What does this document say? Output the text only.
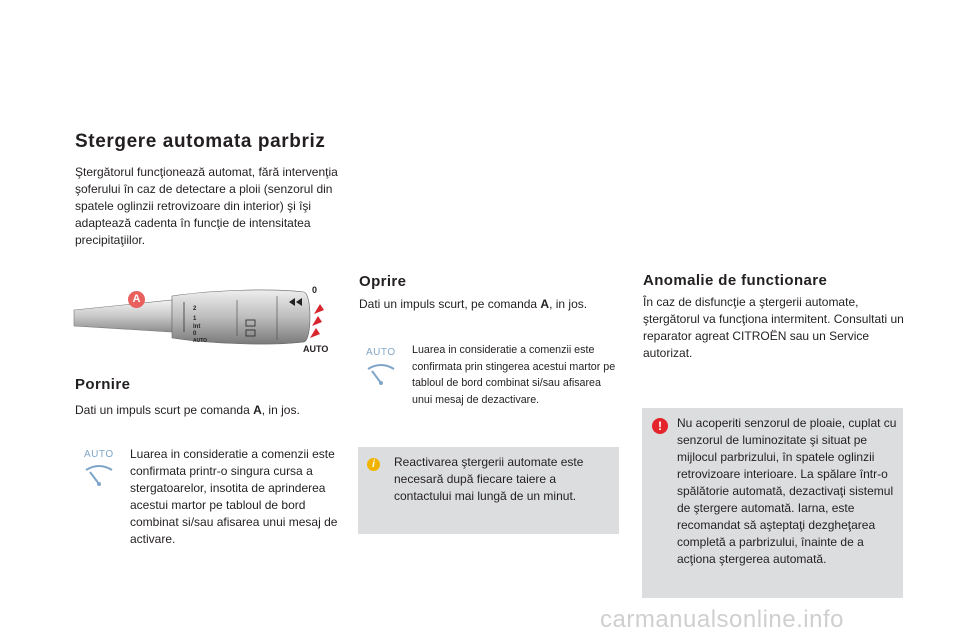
Stergere automata parbriz
Ştergătorul funcţionează automat, fără intervenţia şoferului în caz de detectare a ploii (senzorul din spatele oglinzii retrovizoare din interior) şi îşi adaptează cadenta în funcţie de intensitatea precipitaţiilor.
A
0
2
1
Int
0
AUTO
AUTO
Pornire
Dati un impuls scurt pe comanda A, in jos.
AUTO Luarea in consideratie a comenzii este confirmata printr-o singura cursa a stergatoarelor, insotita de aprinderea acestui martor pe tabloul de bord combinat si/sau afisarea unui mesaj de activare.
Oprire
Dati un impuls scurt, pe comanda A, in jos.
AUTO Luarea in consideratie a comenzii este confirmata prin stingerea acestui martor pe tabloul de bord combinat si/sau afisarea unui mesaj de dezactivare.
i	Reactivarea ştergerii automate este necesară după fiecare taiere a contactului mai lungă de un minut.
Anomalie de functionare
În caz de disfuncţie a ştergerii automate, ştergătorul va funcţiona intermitent. Consultati un reparator agreat CITROËN sau un Service autorizat.
!	Nu acoperiti senzorul de ploaie, cuplat cu senzorul de luminozitate şi situat pe mijlocul parbrizului, în spatele oglinzii retrovizoare interioare. La spălare într-o spălătorie automată, dezactivaţi sistemul de ştergere automată. Iarna, este recomandat să aşteptaţi dezgheţarea completă a parbrizului, înainte de a acţiona ştergerea automată.
carmanualsonline.info
